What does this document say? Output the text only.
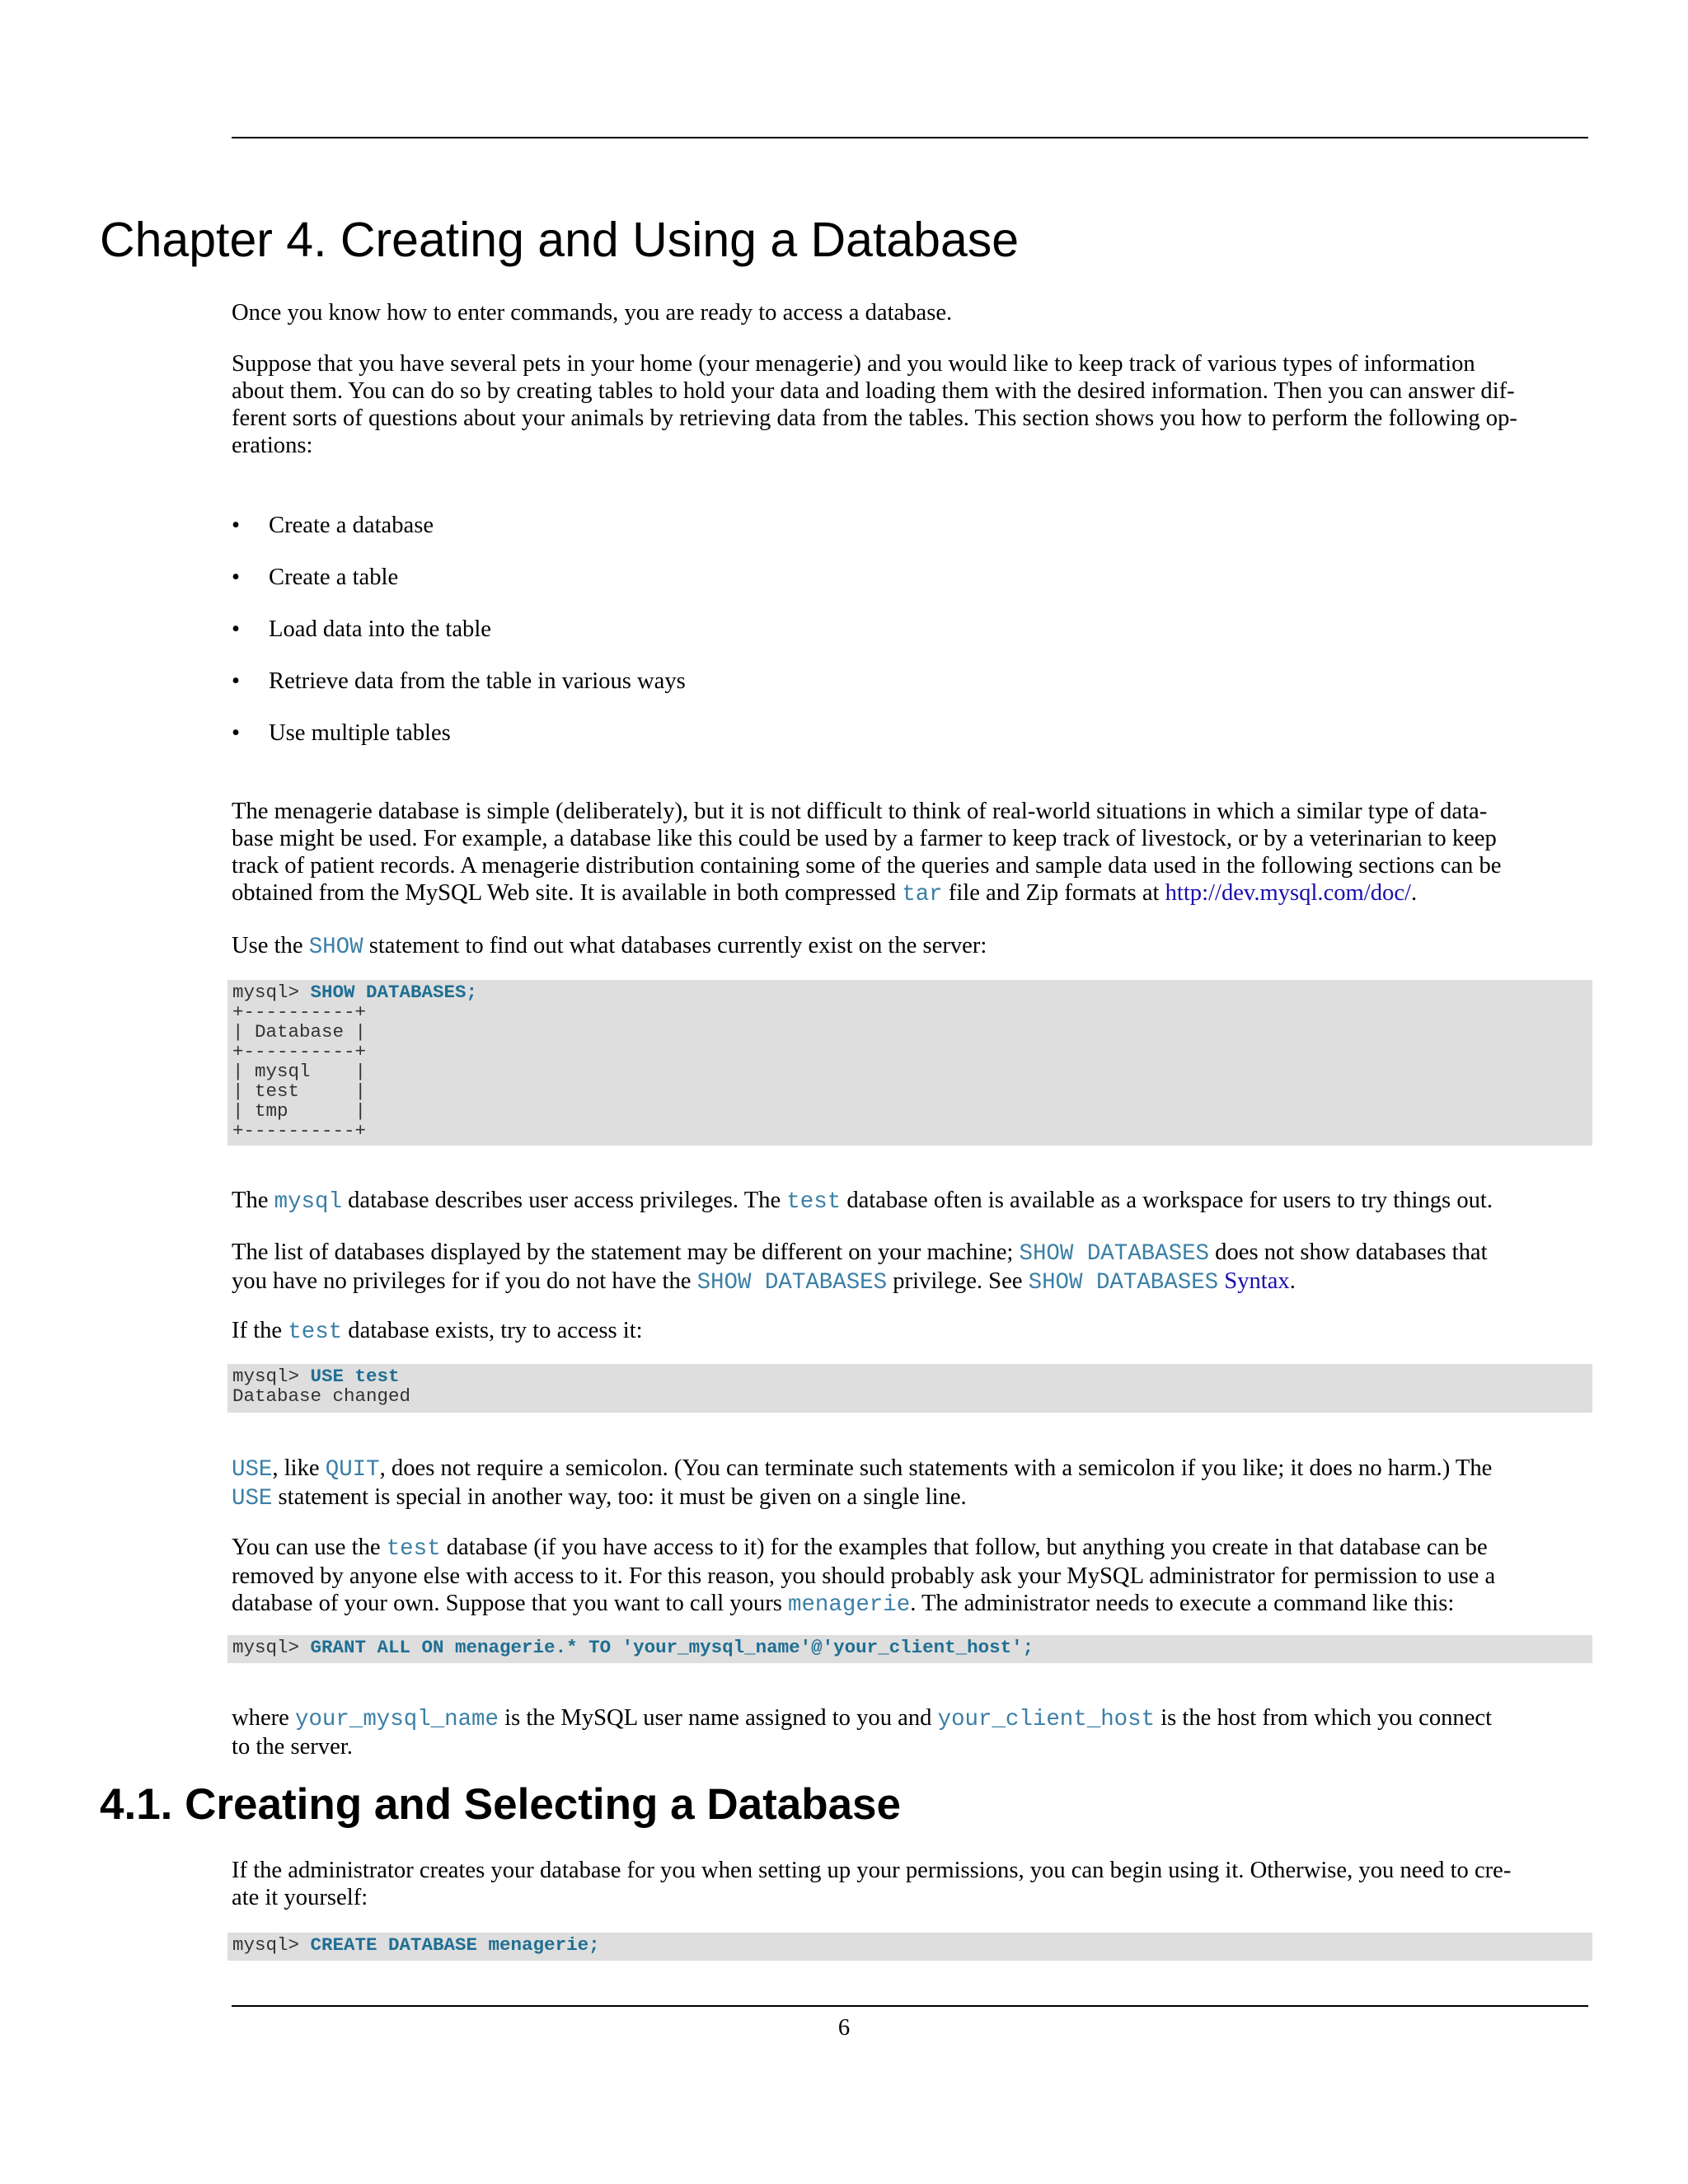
Chapter 4. Creating and Using a Database

Once you know how to enter commands, you are ready to access a database.

Suppose that you have several pets in your home (your menagerie) and you would like to keep track of various types of information
about them. You can do so by creating tables to hold your data and loading them with the desired information. Then you can answer dif-
ferent sorts of questions about your animals by retrieving data from the tables. This section shows you how to perform the following op-
erations:
• Create a database
• Create a table
• Load data into the table
• Retrieve data from the table in various ways
• Use multiple tables
The menagerie database is simple (deliberately), but it is not difficult to think of real-world situations in which a similar type of data-
base might be used. For example, a database like this could be used by a farmer to keep track of livestock, or by a veterinarian to keep
track of patient records. A menagerie distribution containing some of the queries and sample data used in the following sections can be
obtained from the MySQL Web site. It is available in both compressed tar file and Zip formats at http://dev.mysql.com/doc/.

Use the SHOW statement to find out what databases currently exist on the server:

mysql> SHOW DATABASES;
+----------+
| Database |
+----------+
| mysql    |
| test     |
| tmp      |
+----------+

The mysql database describes user access privileges. The test database often is available as a workspace for users to try things out.

The list of databases displayed by the statement may be different on your machine; SHOW DATABASES does not show databases that
you have no privileges for if you do not have the SHOW DATABASES privilege. See SHOW DATABASES Syntax.

If the test database exists, try to access it:

mysql> USE test
Database changed
USE, like QUIT, does not require a semicolon. (You can terminate such statements with a semicolon if you like; it does no harm.) The
USE statement is special in another way, too: it must be given on a single line.
You can use the test database (if you have access to it) for the examples that follow, but anything you create in that database can be
removed by anyone else with access to it. For this reason, you should probably ask your MySQL administrator for permission to use a
database of your own. Suppose that you want to call yours menagerie. The administrator needs to execute a command like this:
mysql> GRANT ALL ON menagerie.* TO 'your_mysql_name'@'your_client_host';
where your_mysql_name is the MySQL user name assigned to you and your_client_host is the host from which you connect
to the server.
4.1. Creating and Selecting a Database
If the administrator creates your database for you when setting up your permissions, you can begin using it. Otherwise, you need to cre-
ate it yourself:
mysql> CREATE DATABASE menagerie;
6
